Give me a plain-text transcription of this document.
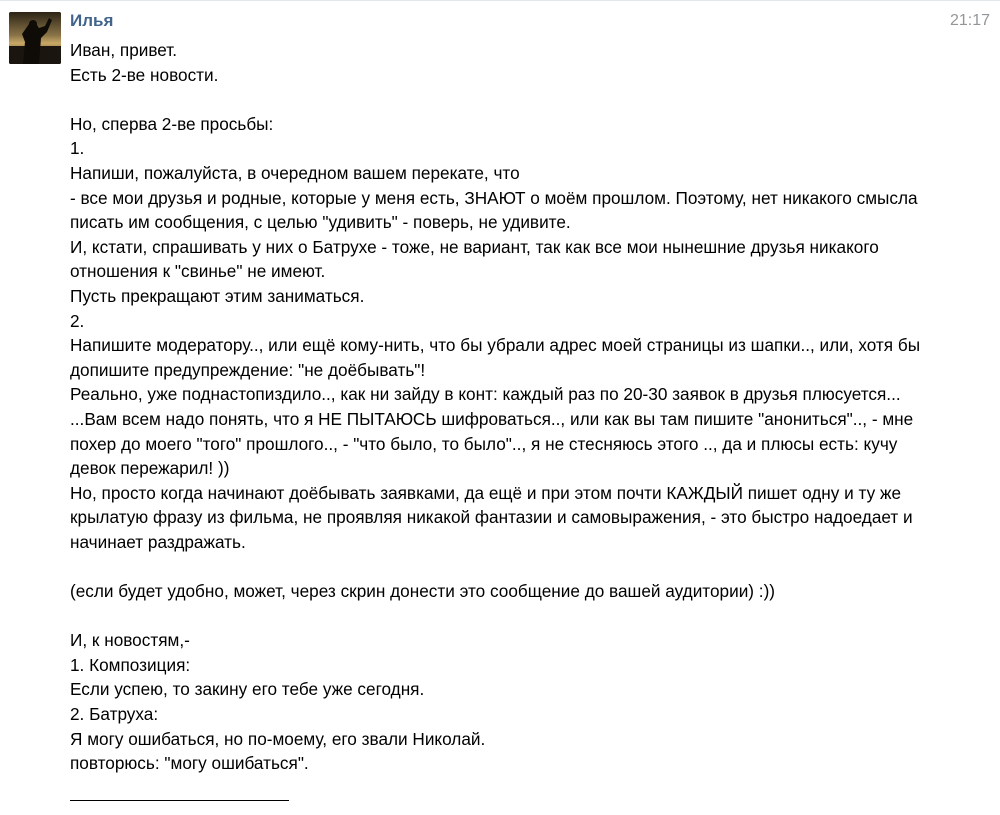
Илья	21:17
Иван, привет.
Есть 2-ве новости.
Но, сперва 2-ве просьбы:
1.
Напиши, пожалуйста, в очередном вашем перекате, что
- все мои друзья и родные, которые у меня есть, ЗНАЮТ о моём прошлом. Поэтому, нет никакого смысла
писать им сообщения, с целью "удивить" - поверь, не удивите.
И, кстати, спрашивать у них о Батрухе - тоже, не вариант, так как все мои нынешние друзья никакого
отношения к "свинье" не имеют.
Пусть прекращают этим заниматься.
2.
Напишите модератору.., или ещё кому-нить, что бы убрали адрес моей страницы из шапки.., или, хотя бы
допишите предупреждение: "не доёбывать"!
Реально, уже поднастопиздило.., как ни зайду в конт: каждый раз по 20-30 заявок в друзья плюсуется...
...Вам всем надо понять, что я НЕ ПЫТАЮСЬ шифроваться.., или как вы там пишите "анониться".., - мне
похер до моего "того" прошлого.., - "что было, то было".., я не стесняюсь этого .., да и плюсы есть: кучу
девок пережарил! ))
Но, просто когда начинают доёбывать заявками, да ещё и при этом почти КАЖДЫЙ пишет одну и ту же
крылатую фразу из фильма, не проявляя никакой фантазии и самовыражения, - это быстро надоедает и
начинает раздражать.
(если будет удобно, может, через скрин донести это сообщение до вашей аудитории) :))
И, к новостям,-
1. Композиция:
Если успею, то закину его тебе уже сегодня.
2. Батруха:
Я могу ошибаться, но по-моему, его звали Николай.
повторюсь: "могу ошибаться".
